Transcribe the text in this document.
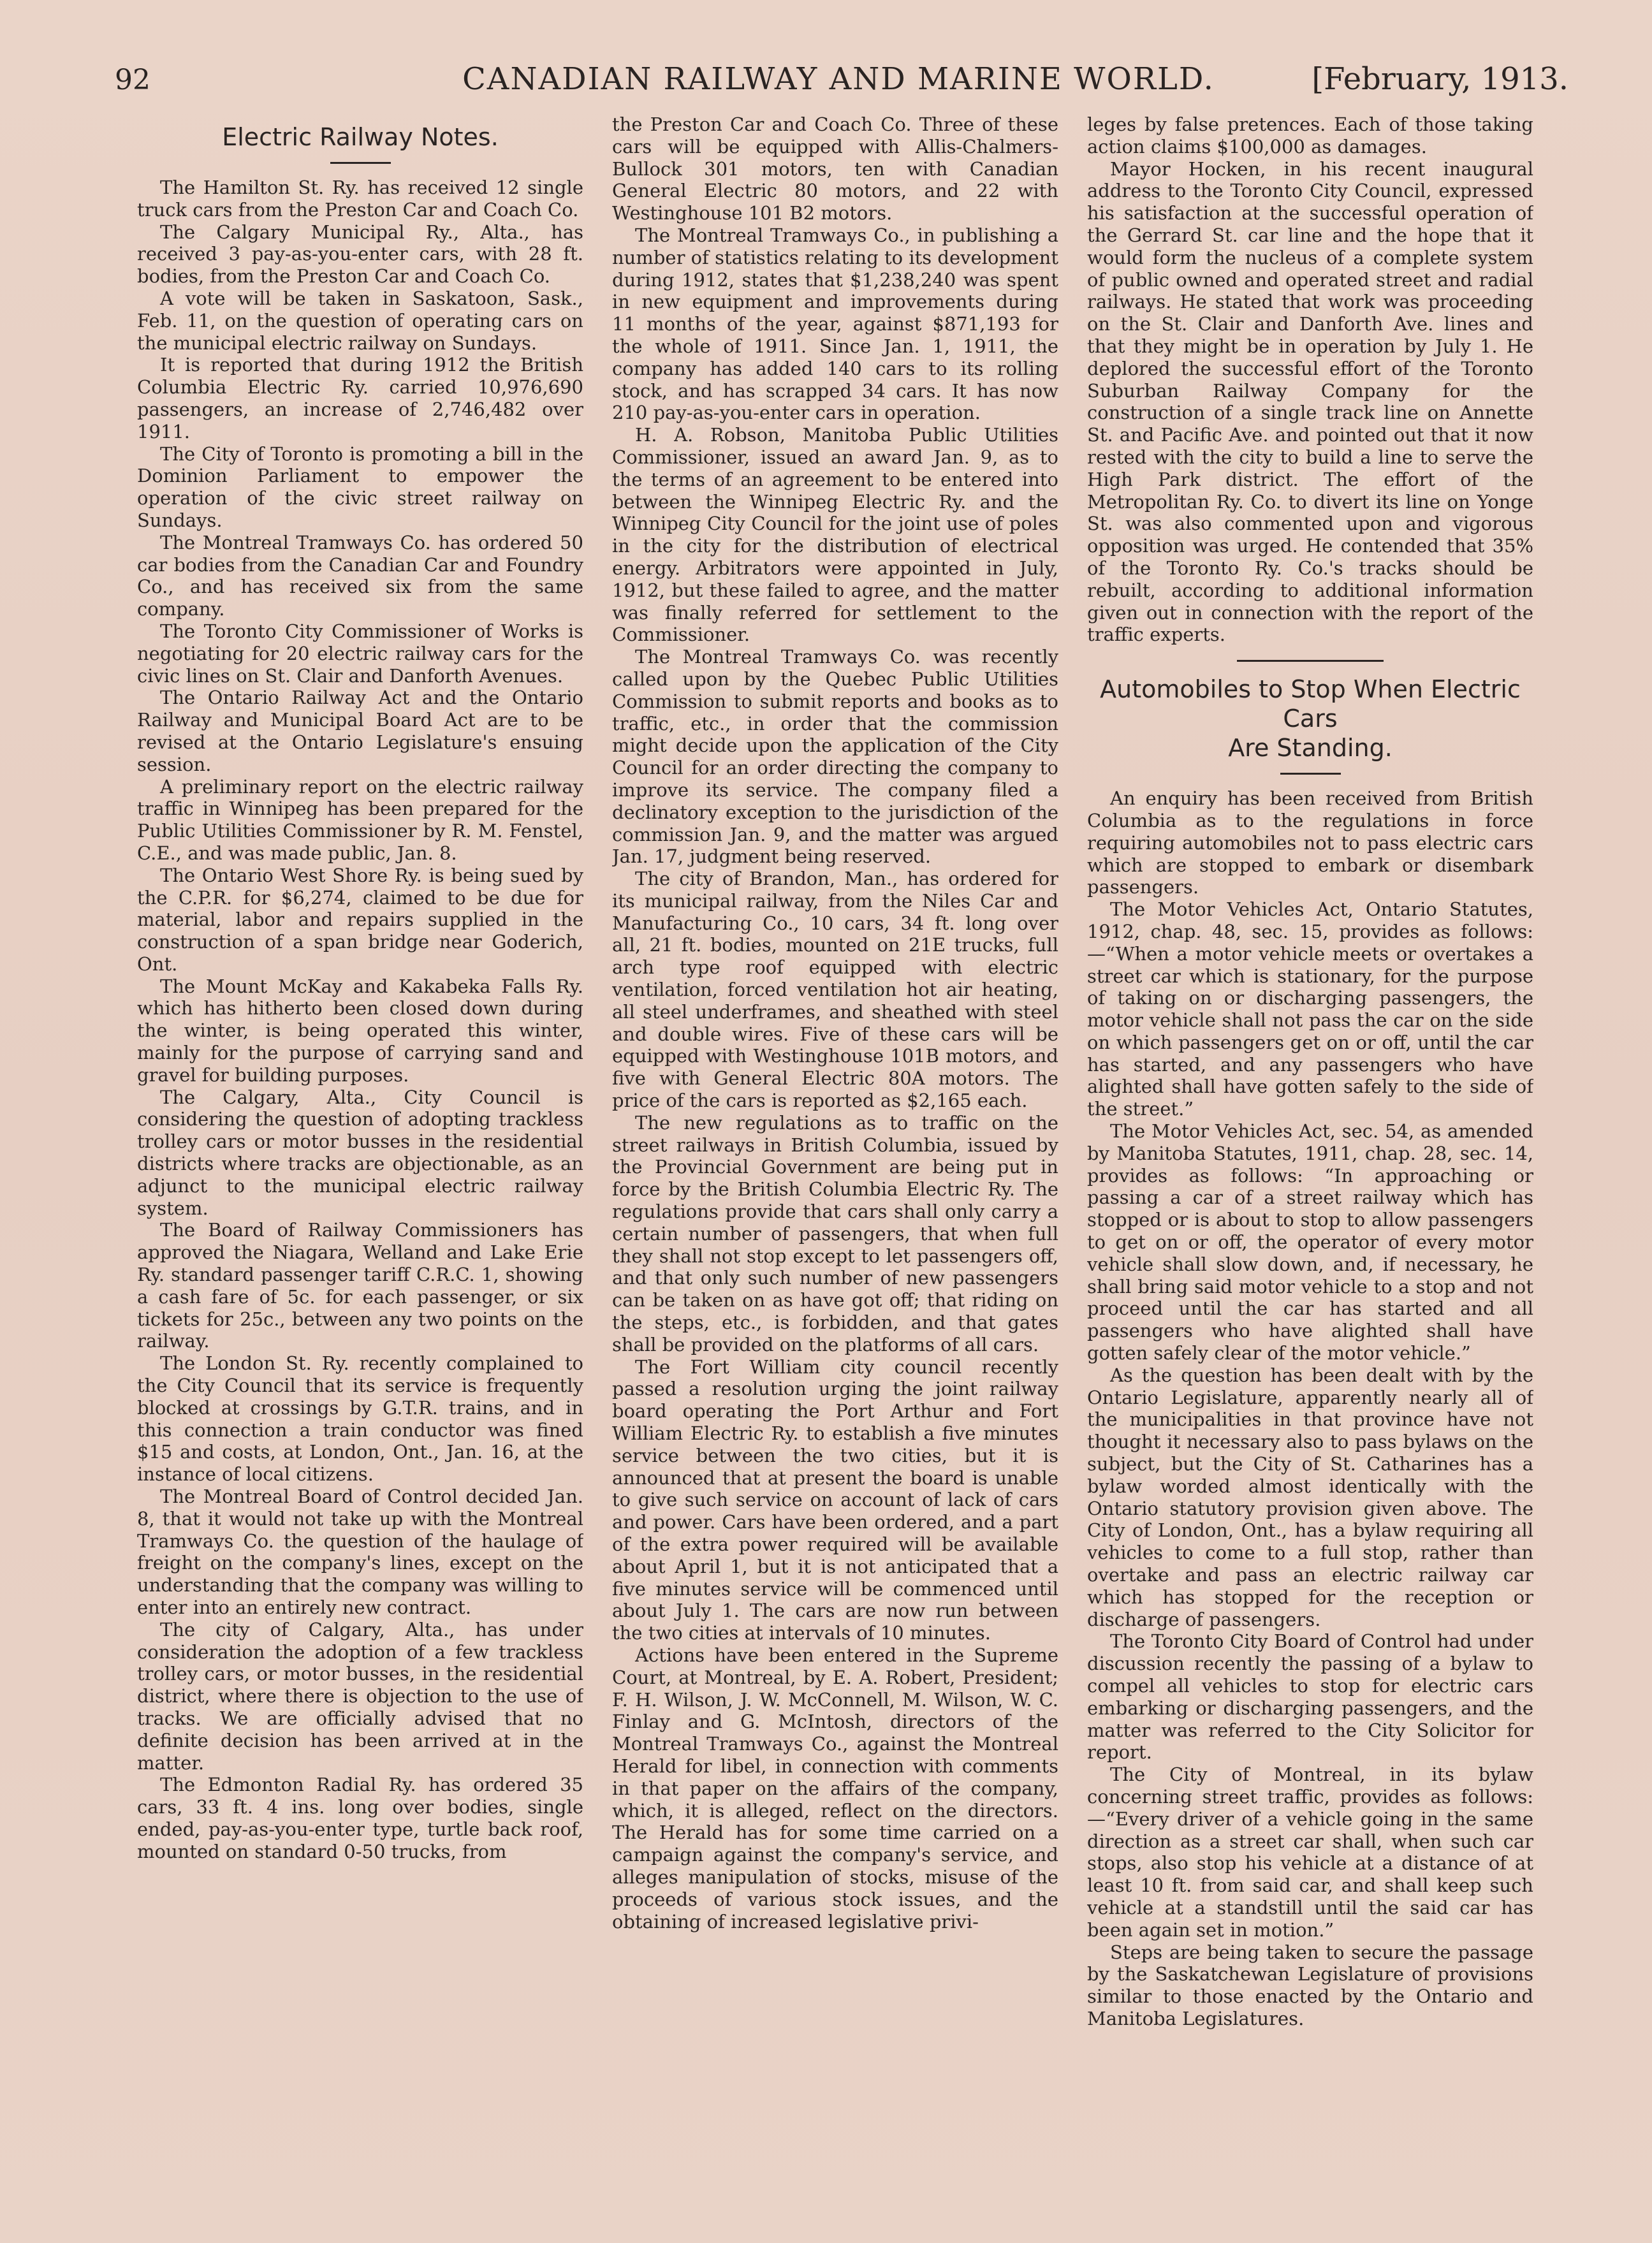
92	CANADIAN RAILWAY AND MARINE WORLD.	[February, 1913.
Electric Railway Notes.

The Hamilton St. Ry. has received 12 single truck cars from the Preston Car and Coach Co.

The Calgary Municipal Ry., Alta., has received 3 pay-as-you-enter cars, with 28 ft. bodies, from the Preston Car and Coach Co.

A vote will be taken in Saskatoon, Sask., Feb. 11, on the question of operating cars on the municipal electric railway on Sundays.

It is reported that during 1912 the British Columbia Electric Ry. carried 10,976,690 passengers, an increase of 2,746,482 over 1911.

The City of Toronto is promoting a bill in the Dominion Parliament to empower the operation of the civic street railway on Sundays.

The Montreal Tramways Co. has ordered 50 car bodies from the Canadian Car and Foundry Co., and has received six from the same company.

The Toronto City Commissioner of Works is negotiating for 20 electric railway cars for the civic lines on St. Clair and Danforth Avenues.

The Ontario Railway Act and the Ontario Railway and Municipal Board Act are to be revised at the Ontario Legislature's ensuing session.

A preliminary report on the electric railway traffic in Winnipeg has been prepared for the Public Utilities Commissioner by R. M. Fenstel, C.E., and was made public, Jan. 8.

The Ontario West Shore Ry. is being sued by the C.P.R. for $6,274, claimed to be due for material, labor and repairs supplied in the construction of a span bridge near Goderich, Ont.

The Mount McKay and Kakabeka Falls Ry. which has hitherto been closed down during the winter, is being operated this winter, mainly for the purpose of carrying sand and gravel for building purposes.

The Calgary, Alta., City Council is considering the question of adopting trackless trolley cars or motor busses in the residential districts where tracks are objectionable, as an adjunct to the municipal electric railway system.

The Board of Railway Commissioners has approved the Niagara, Welland and Lake Erie Ry. standard passenger tariff C.R.C. 1, showing a cash fare of 5c. for each passenger, or six tickets for 25c., between any two points on the railway.

The London St. Ry. recently complained to the City Council that its service is frequently blocked at crossings by G.T.R. trains, and in this connection a train conductor was fined $15 and costs, at London, Ont., Jan. 16, at the instance of local citizens.

The Montreal Board of Control decided Jan. 8, that it would not take up with the Montreal Tramways Co. the question of the haulage of freight on the company's lines, except on the understanding that the company was willing to enter into an entirely new contract.

The city of Calgary, Alta., has under consideration the adoption of a few trackless trolley cars, or motor busses, in the residential district, where there is objection to the use of tracks. We are officially advised that no definite decision has been arrived at in the matter.

The Edmonton Radial Ry. has ordered 35 cars, 33 ft. 4 ins. long over bodies, single ended, pay-as-you-enter type, turtle back roof, mounted on standard 0-50 trucks, from

the Preston Car and Coach Co. Three of these cars will be equipped with Allis-Chalmers-Bullock 301 motors, ten with Canadian General Electric 80 motors, and 22 with Westinghouse 101 B2 motors.

The Montreal Tramways Co., in publishing a number of statistics relating to its development during 1912, states that $1,238,240 was spent in new equipment and improvements during 11 months of the year, against $871,193 for the whole of 1911. Since Jan. 1, 1911, the company has added 140 cars to its rolling stock, and has scrapped 34 cars. It has now 210 pay-as-you-enter cars in operation.

H. A. Robson, Manitoba Public Utilities Commissioner, issued an award Jan. 9, as to the terms of an agreement to be entered into between the Winnipeg Electric Ry. and the Winnipeg City Council for the joint use of poles in the city for the distribution of electrical energy. Arbitrators were appointed in July, 1912, but these failed to agree, and the matter was finally referred for settlement to the Commissioner.

The Montreal Tramways Co. was recently called upon by the Quebec Public Utilities Commission to submit reports and books as to traffic, etc., in order that the commission might decide upon the application of the City Council for an order directing the company to improve its service. The company filed a declinatory exception to the jurisdiction of the commission Jan. 9, and the matter was argued Jan. 17, judgment being reserved.

The city of Brandon, Man., has ordered for its municipal railway, from the Niles Car and Manufacturing Co., 10 cars, 34 ft. long over all, 21 ft. bodies, mounted on 21E trucks, full arch type roof equipped with electric ventilation, forced ventilation hot air heating, all steel underframes, and sheathed with steel and double wires. Five of these cars will be equipped with Westinghouse 101B motors, and five with General Electric 80A motors. The price of the cars is reported as $2,165 each.

The new regulations as to traffic on the street railways in British Columbia, issued by the Provincial Government are being put in force by the British Columbia Electric Ry. The regulations provide that cars shall only carry a certain number of passengers, that when full they shall not stop except to let passengers off, and that only such number of new passengers can be taken on as have got off; that riding on the steps, etc., is forbidden, and that gates shall be provided on the platforms of all cars.

The Fort William city council recently passed a resolution urging the joint railway board operating the Port Arthur and Fort William Electric Ry. to establish a five minutes service between the two cities, but it is announced that at present the board is unable to give such service on account of lack of cars and power. Cars have been ordered, and a part of the extra power required will be available about April 1, but it is not anticipated that a five minutes service will be commenced until about July 1. The cars are now run between the two cities at intervals of 10 minutes.

Actions have been entered in the Supreme Court, at Montreal, by E. A. Robert, President; F. H. Wilson, J. W. McConnell, M. Wilson, W. C. Finlay and G. McIntosh, directors of the Montreal Tramways Co., against the Montreal Herald for libel, in connection with comments in that paper on the affairs of the company, which, it is alleged, reflect on the directors. The Herald has for some time carried on a campaign against the company's service, and alleges manipulation of stocks, misuse of the proceeds of various stock issues, and the obtaining of increased legislative privi-

leges by false pretences. Each of those taking action claims $100,000 as damages.

Mayor Hocken, in his recent inaugural address to the Toronto City Council, expressed his satisfaction at the successful operation of the Gerrard St. car line and the hope that it would form the nucleus of a complete system of public owned and operated street and radial railways. He stated that work was proceeding on the St. Clair and Danforth Ave. lines and that they might be in operation by July 1. He deplored the successful effort of the Toronto Suburban Railway Company for the construction of a single track line on Annette St. and Pacific Ave. and pointed out that it now rested with the city to build a line to serve the High Park district. The effort of the Metropolitan Ry. Co. to divert its line on Yonge St. was also commented upon and vigorous opposition was urged. He contended that 35% of the Toronto Ry. Co.'s tracks should be rebuilt, according to additional information given out in connection with the report of the traffic experts.

Automobiles to Stop When Electric Cars
Are Standing.

An enquiry has been received from British Columbia as to the regulations in force requiring automobiles not to pass electric cars which are stopped to embark or disembark passengers.

The Motor Vehicles Act, Ontario Statutes, 1912, chap. 48, sec. 15, provides as follows:—“When a motor vehicle meets or overtakes a street car which is stationary, for the purpose of taking on or discharging passengers, the motor vehicle shall not pass the car on the side on which passengers get on or off, until the car has started, and any passengers who have alighted shall have gotten safely to the side of the street.”

The Motor Vehicles Act, sec. 54, as amended by Manitoba Statutes, 1911, chap. 28, sec. 14, provides as follows: “In approaching or passing a car of a street railway which has stopped or is about to stop to allow passengers to get on or off, the operator of every motor vehicle shall slow down, and, if necessary, he shall bring said motor vehicle to a stop and not proceed until the car has started and all passengers who have alighted shall have gotten safely clear of the motor vehicle.”

As the question has been dealt with by the Ontario Legislature, apparently nearly all of the municipalities in that province have not thought it necessary also to pass bylaws on the subject, but the City of St. Catharines has a bylaw worded almost identically with the Ontario statutory provision given above. The City of London, Ont., has a bylaw requiring all vehicles to come to a full stop, rather than overtake and pass an electric railway car which has stopped for the reception or discharge of passengers.

The Toronto City Board of Control had under discussion recently the passing of a bylaw to compel all vehicles to stop for electric cars embarking or discharging passengers, and the matter was referred to the City Solicitor for report.

The City of Montreal, in its bylaw concerning street traffic, provides as follows:—“Every driver of a vehicle going in the same direction as a street car shall, when such car stops, also stop his vehicle at a distance of at least 10 ft. from said car, and shall keep such vehicle at a standstill until the said car has been again set in motion.”

Steps are being taken to secure the passage by the Saskatchewan Legislature of provisions similar to those enacted by the Ontario and Manitoba Legislatures.
